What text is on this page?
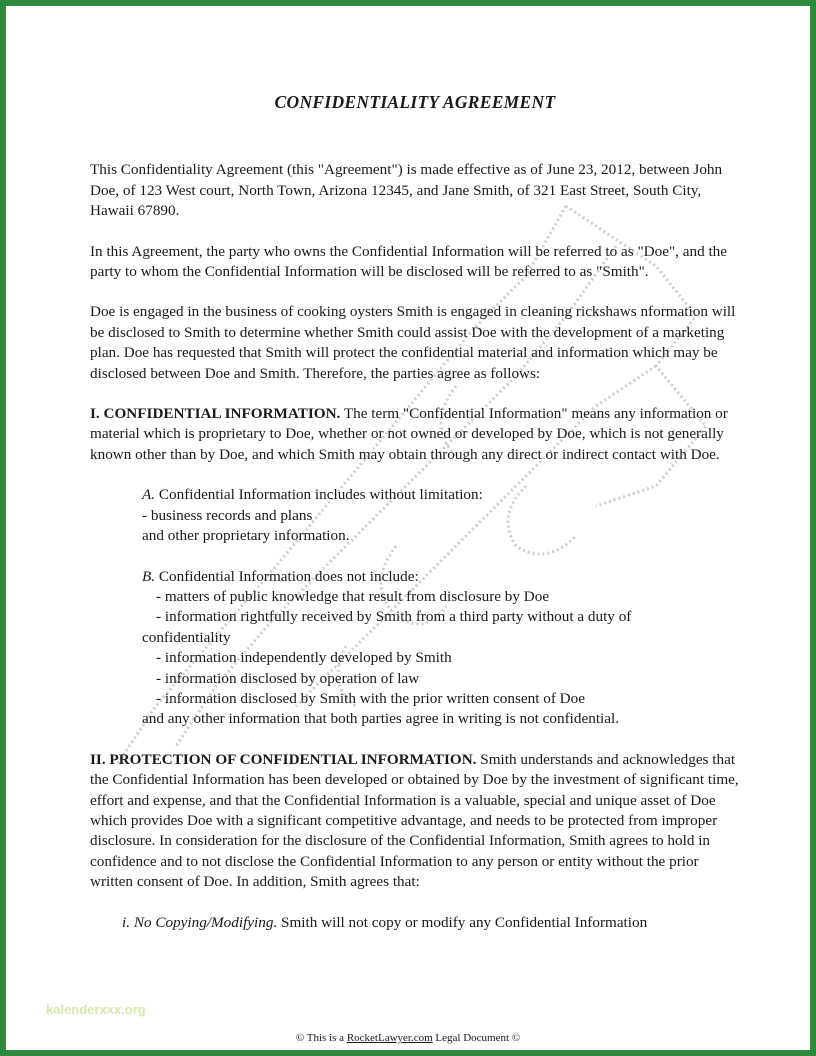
CONFIDENTIALITY AGREEMENT

This Confidentiality Agreement (this "Agreement") is made effective as of June 23, 2012, between John Doe, of 123 West court, North Town, Arizona 12345, and Jane Smith, of 321 East Street, South City, Hawaii 67890.

In this Agreement, the party who owns the Confidential Information will be referred to as "Doe", and the party to whom the Confidential Information will be disclosed will be referred to as "Smith".

Doe is engaged in the business of cooking oysters Smith is engaged in cleaning rickshaws nformation will be disclosed to Smith to determine whether Smith could assist Doe with the development of a marketing plan. Doe has requested that Smith will protect the confidential material and information which may be disclosed between Doe and Smith. Therefore, the parties agree as follows:

I. CONFIDENTIAL INFORMATION. The term "Confidential Information" means any information or material which is proprietary to Doe, whether or not owned or developed by Doe, which is not generally known other than by Doe, and which Smith may obtain through any direct or indirect contact with Doe.

A. Confidential Information includes without limitation:
- business records and plans
and other proprietary information.

B. Confidential Information does not include:
- matters of public knowledge that result from disclosure by Doe
- information rightfully received by Smith from a third party without a duty of
confidentiality
- information independently developed by Smith
- information disclosed by operation of law
- information disclosed by Smith with the prior written consent of Doe
and any other information that both parties agree in writing is not confidential.

II. PROTECTION OF CONFIDENTIAL INFORMATION. Smith understands and acknowledges that the Confidential Information has been developed or obtained by Doe by the investment of significant time, effort and expense, and that the Confidential Information is a valuable, special and unique asset of Doe which provides Doe with a significant competitive advantage, and needs to be protected from improper disclosure. In consideration for the disclosure of the Confidential Information, Smith agrees to hold in confidence and to not disclose the Confidential Information to any person or entity without the prior written consent of Doe. In addition, Smith agrees that:

i. No Copying/Modifying. Smith will not copy or modify any Confidential Information

kalenderxxx.org
© This is a RocketLawyer.com Legal Document ©
